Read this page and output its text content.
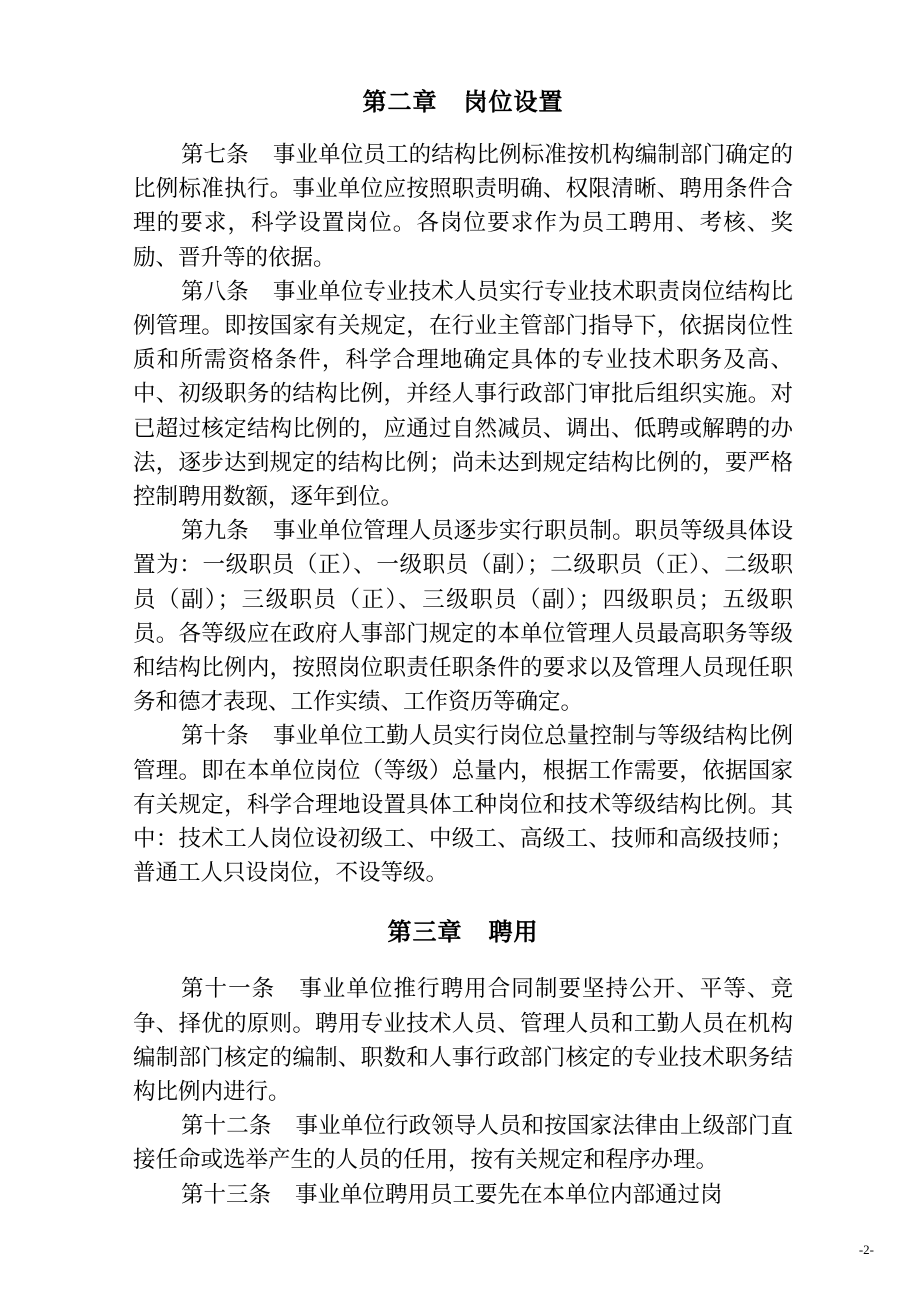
第二章 岗位设置

第七条 事业单位员工的结构比例标准按机构编制部门确定的比例标准执行。事业单位应按照职责明确、权限清晰、聘用条件合理的要求，科学设置岗位。各岗位要求作为员工聘用、考核、奖励、晋升等的依据。

第八条 事业单位专业技术人员实行专业技术职责岗位结构比例管理。即按国家有关规定，在行业主管部门指导下，依据岗位性质和所需资格条件，科学合理地确定具体的专业技术职务及高、中、初级职务的结构比例，并经人事行政部门审批后组织实施。对已超过核定结构比例的，应通过自然减员、调出、低聘或解聘的办法，逐步达到规定的结构比例；尚未达到规定结构比例的，要严格控制聘用数额，逐年到位。

第九条 事业单位管理人员逐步实行职员制。职员等级具体设置为：一级职员（正）、一级职员（副）；二级职员（正）、二级职员（副）；三级职员（正）、三级职员（副）；四级职员；五级职员。各等级应在政府人事部门规定的本单位管理人员最高职务等级和结构比例内，按照岗位职责任职条件的要求以及管理人员现任职务和德才表现、工作实绩、工作资历等确定。

第十条 事业单位工勤人员实行岗位总量控制与等级结构比例管理。即在本单位岗位（等级）总量内，根据工作需要，依据国家有关规定，科学合理地设置具体工种岗位和技术等级结构比例。其中：技术工人岗位设初级工、中级工、高级工、技师和高级技师；普通工人只设岗位，不设等级。

第三章 聘用

第十一条 事业单位推行聘用合同制要坚持公开、平等、竞争、择优的原则。聘用专业技术人员、管理人员和工勤人员在机构编制部门核定的编制、职数和人事行政部门核定的专业技术职务结构比例内进行。

第十二条 事业单位行政领导人员和按国家法律由上级部门直接任命或选举产生的人员的任用，按有关规定和程序办理。

第十三条 事业单位聘用员工要先在本单位内部通过岗

-2-
